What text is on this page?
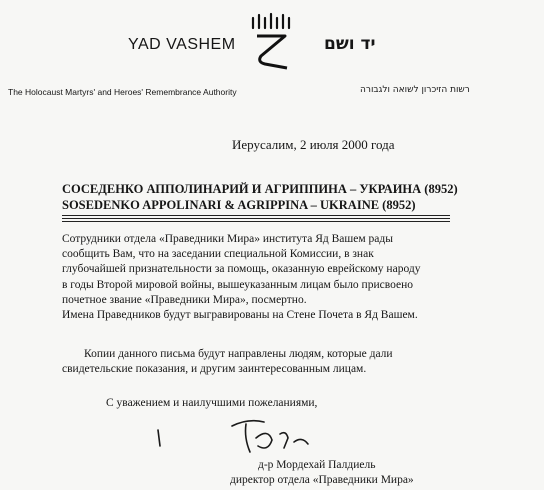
YAD VASHEM	יד ושם
The Holocaust Martyrs' and Heroes' Remembrance Authority	רשות הזיכרון לשואה ולגבורה
Иерусалим, 2 июля 2000 года
СОСЕДЕНКО АППОЛИНАРИЙ И АГРИППИНА – УКРАИНА (8952)
SOSEDENKO APPOLINARI & AGRIPPINA – UKRAINE (8952)
Сотрудники отдела «Праведники Мира» института Яд Вашем рады
сообщить Вам, что на заседании специальной Комиссии, в знак
глубочайшей признательности за помощь, оказанную еврейскому народу
в годы Второй мировой войны, вышеуказанным лицам было присвоено
почетное звание «Праведники Мира», посмертно.
Имена Праведников будут выгравированы на Стене Почета в Яд Вашем.
Копии данного письма будут направлены людям, которые дали
свидетельские показания, и другим заинтересованным лицам.
С уважением и наилучшими пожеланиями,
д-р Мордехай Палдиель
директор отдела «Праведники Мира»
